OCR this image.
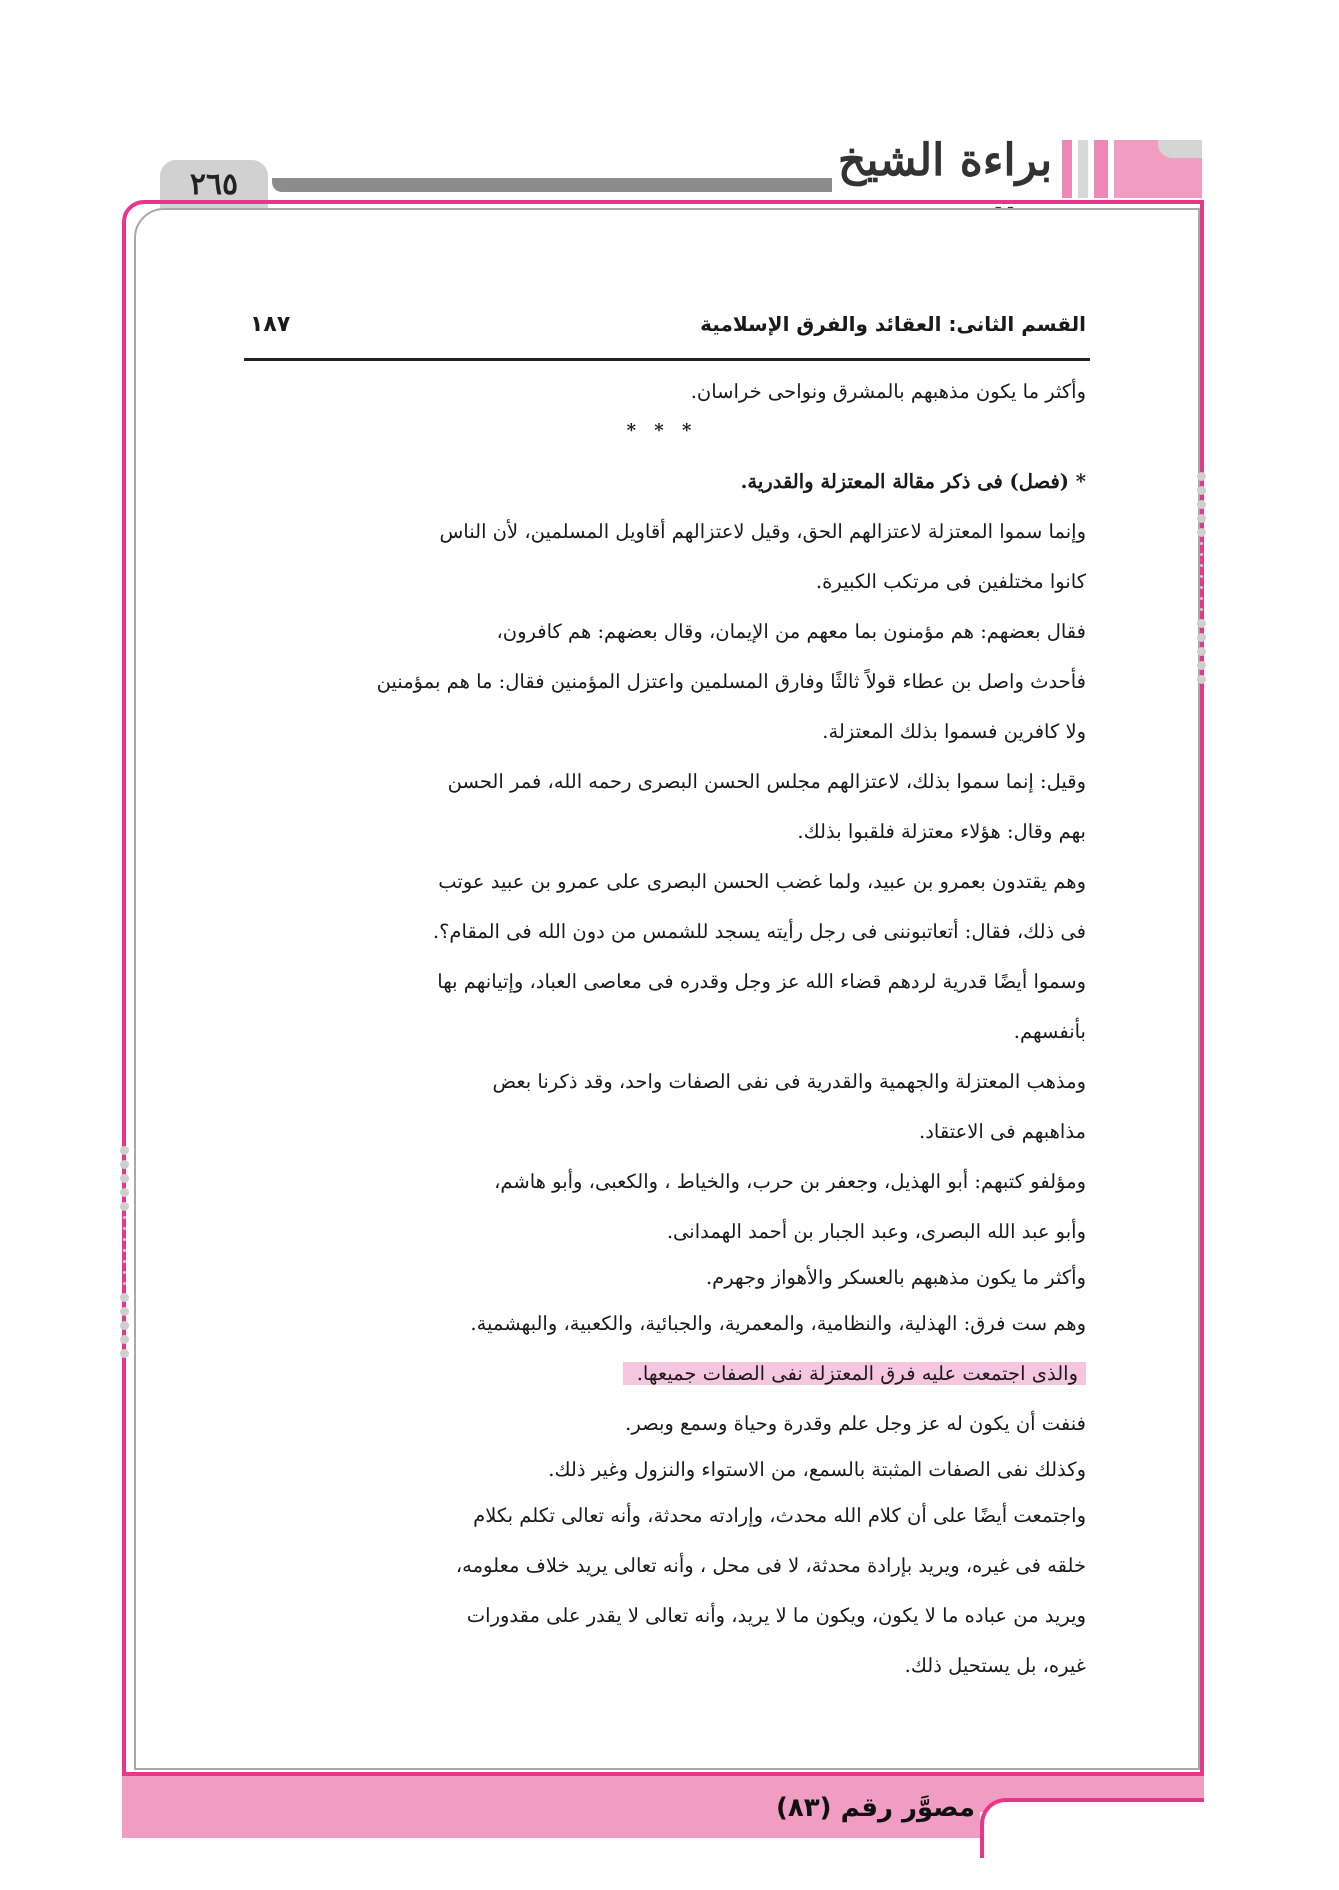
براءة الشيخ
٢٦٥
القسم الثانى: العقائد والفرق الإسلامية
١٨٧
وأكثر ما يكون مذهبهم بالمشرق ونواحى خراسان.
* * *
* (فصل) فى ذكر مقالة المعتزلة والقدرية.
وإنما سموا المعتزلة لاعتزالهم الحق، وقيل لاعتزالهم أقاويل المسلمين، لأن الناس
كانوا مختلفين فى مرتكب الكبيرة.
فقال بعضهم: هم مؤمنون بما معهم من الإيمان، وقال بعضهم: هم كافرون،
فأحدث واصل بن عطاء قولاً ثالثًا وفارق المسلمين واعتزل المؤمنين فقال: ما هم بمؤمنين
ولا كافرين فسموا بذلك المعتزلة.
وقيل: إنما سموا بذلك، لاعتزالهم مجلس الحسن البصرى رحمه الله، فمر الحسن
بهم وقال: هؤلاء معتزلة فلقبوا بذلك.
وهم يقتدون بعمرو بن عبيد، ولما غضب الحسن البصرى على عمرو بن عبيد عوتب
فى ذلك، فقال: أتعاتبوننى فى رجل رأيته يسجد للشمس من دون الله فى المقام؟.
وسموا أيضًا قدرية لردهم قضاء الله عز وجل وقدره فى معاصى العباد، وإتيانهم بها
بأنفسهم.
ومذهب المعتزلة والجهمية والقدرية فى نفى الصفات واحد، وقد ذكرنا بعض
مذاهبهم فى الاعتقاد.
ومؤلفو كتبهم: أبو الهذيل، وجعفر بن حرب، والخياط ، والكعبى، وأبو هاشم،
وأبو عبد الله البصرى، وعبد الجبار بن أحمد الهمدانى.
وأكثر ما يكون مذهبهم بالعسكر والأهواز وجهرم.
وهم ست فرق: الهذلية، والنظامية، والمعمرية، والجبائية، والكعبية، والبهشمية.
والذى اجتمعت عليه فرق المعتزلة نفى الصفات جميعها.
فنفت أن يكون له عز وجل علم وقدرة وحياة وسمع وبصر.
وكذلك نفى الصفات المثبتة بالسمع، من الاستواء والنزول وغير ذلك.
واجتمعت أيضًا على أن كلام الله محدث، وإرادته محدثة، وأنه تعالى تكلم بكلام
خلقه فى غيره، ويريد بإرادة محدثة، لا فى محل ، وأنه تعالى يريد خلاف معلومه،
ويريد من عباده ما لا يكون، ويكون ما لا يريد، وأنه تعالى لا يقدر على مقدورات
غيره، بل يستحيل ذلك.
مصوَّر رقم (٨٣)
